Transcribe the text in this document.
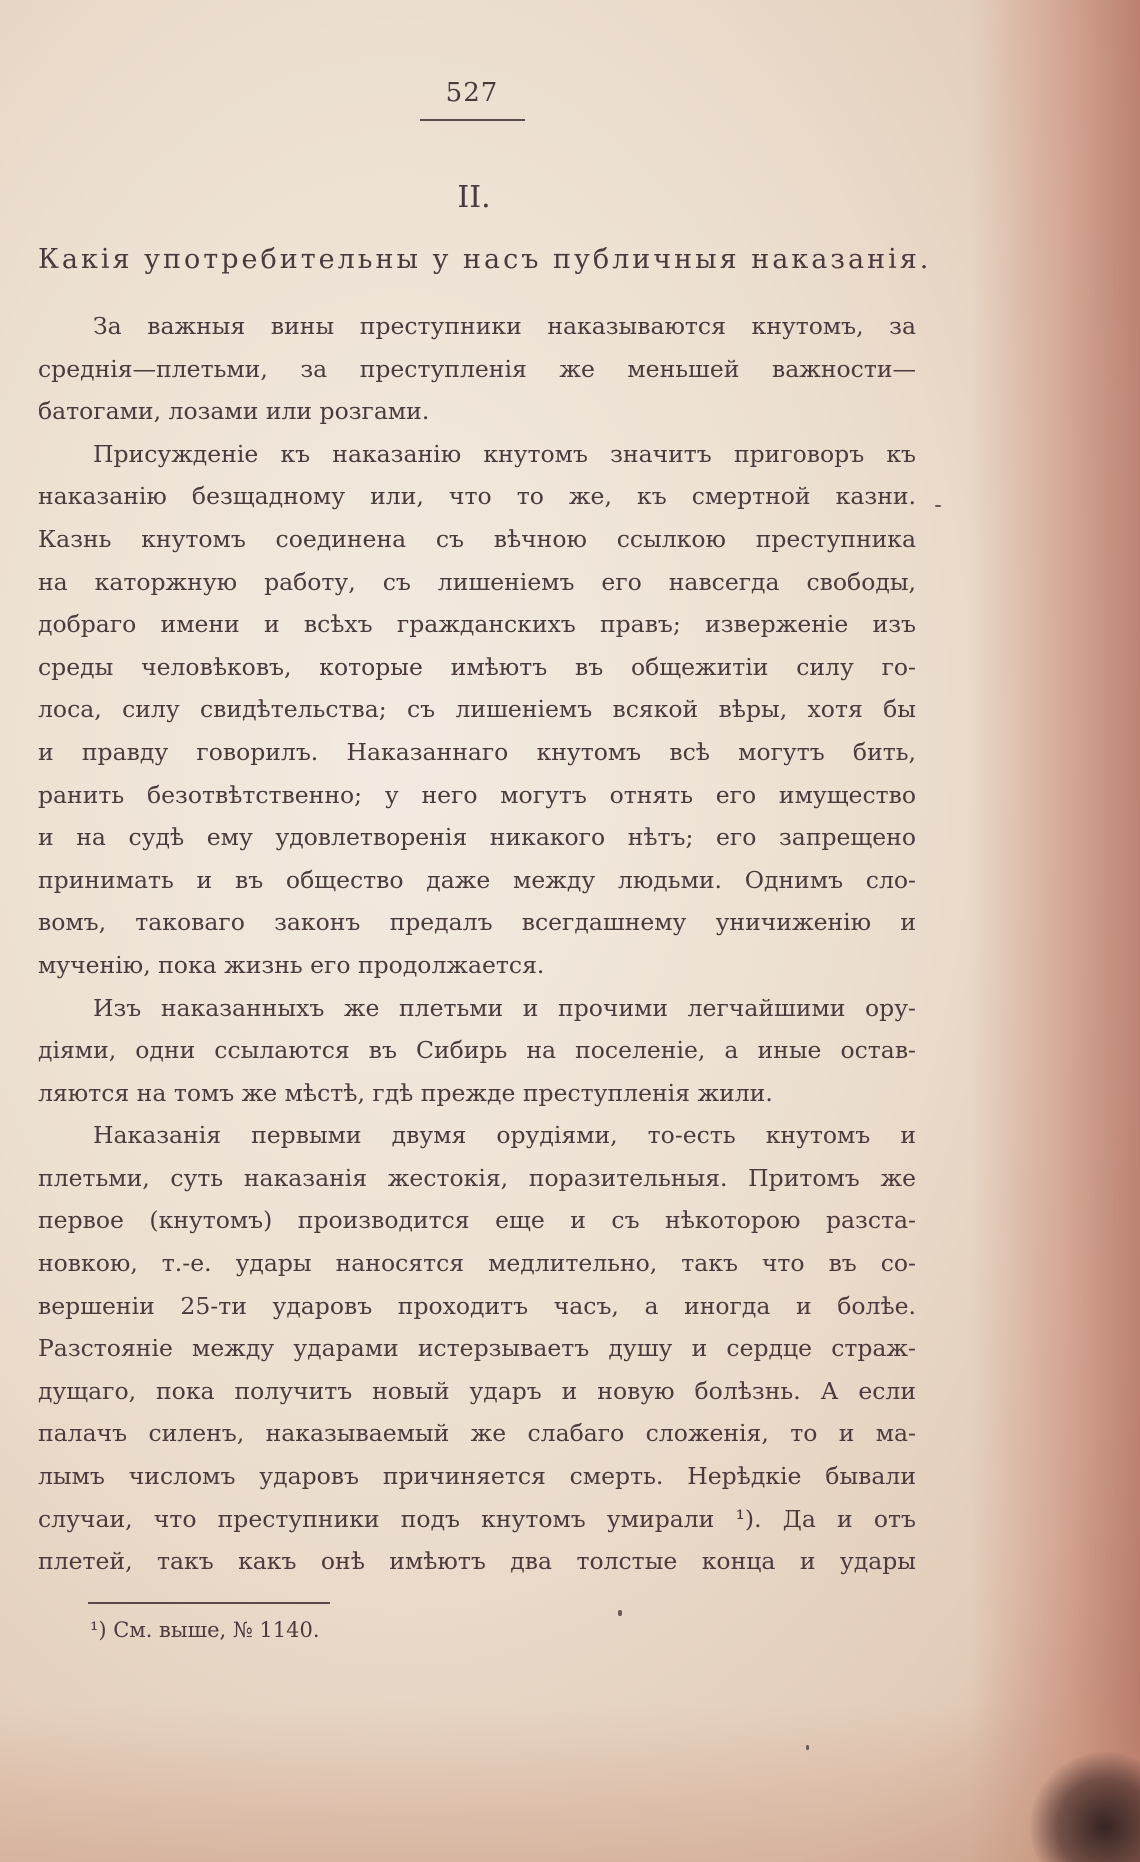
527
II.
Какія употребительны у насъ публичныя наказанія.
За важныя вины преступники наказываются кнутомъ, за
среднія—плетьми, за преступленія же меньшей важности—
батогами, лозами или розгами.
Присужденіе къ наказанію кнутомъ значитъ приговоръ къ
наказанію безщадному или, что то же, къ смертной казни.
Казнь кнутомъ соединена съ вѣчною ссылкою преступника
на каторжную работу, съ лишеніемъ его навсегда свободы,
добраго имени и всѣхъ гражданскихъ правъ; изверженіе изъ
среды человѣковъ, которые имѣютъ въ общежитіи силу го-
лоса, силу свидѣтельства; съ лишеніемъ всякой вѣры, хотя бы
и правду говорилъ. Наказаннаго кнутомъ всѣ могутъ бить,
ранить безотвѣтственно; у него могутъ отнять его имущество
и на судѣ ему удовлетворенія никакого нѣтъ; его запрещено
принимать и въ общество даже между людьми. Однимъ сло-
вомъ, таковаго законъ предалъ всегдашнему уничиженію и
мученію, пока жизнь его продолжается.
Изъ наказанныхъ же плетьми и прочими легчайшими ору-
діями, одни ссылаются въ Сибирь на поселеніе, а иные остав-
ляются на томъ же мѣстѣ, гдѣ прежде преступленія жили.
Наказанія первыми двумя орудіями, то-есть кнутомъ и
плетьми, суть наказанія жестокія, поразительныя. Притомъ же
первое (кнутомъ) производится еще и съ нѣкоторою разста-
новкою, т.-е. удары наносятся медлительно, такъ что въ со-
вершеніи 25-ти ударовъ проходитъ часъ, а иногда и болѣе.
Разстояніе между ударами истерзываетъ душу и сердце страж-
дущаго, пока получитъ новый ударъ и новую болѣзнь. А если
палачъ силенъ, наказываемый же слабаго сложенія, то и ма-
лымъ числомъ ударовъ причиняется смерть. Нерѣдкіе бывали
случаи, что преступники подъ кнутомъ умирали ¹). Да и отъ
плетей, такъ какъ онѣ имѣютъ два толстые конца и удары
¹) См. выше, № 1140.
